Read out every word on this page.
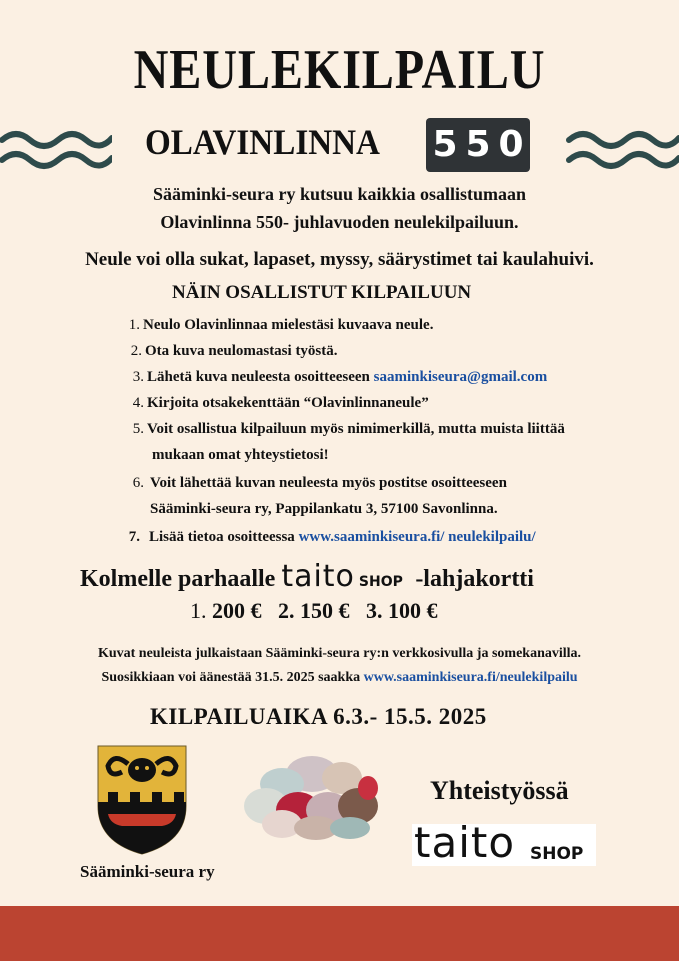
NEULEKILPAILU
OLAVINLINNA 5 5 0
Sääminki-seura ry kutsuu kaikkia osallistumaan
Olavinlinna 550- juhlavuoden neulekilpailuun.
Neule voi olla sukat, lapaset, myssy, säärystimet tai kaulahuivi.
NÄIN OSALLISTUT KILPAILUUN
1. Neulo Olavinlinnaa mielestäsi kuvaava neule.
2. Ota kuva neulomastasi työstä.
3. Lähetä kuva neuleesta osoitteeseen saaminkiseura@gmail.com
4. Kirjoita otsakekenttään “Olavinlinnaneule”
5. Voit osallistua kilpailuun myös nimimerkillä, mutta muista liittää
mukaan omat yhteystietosi!
6. Voit lähettää kuvan neuleesta myös postitse osoitteeseen
Sääminki-seura ry, Pappilankatu 3, 57100 Savonlinna.
7. Lisää tietoa osoitteessa www.saaminkiseura.fi/ neulekilpailu/
Kolmelle parhaalle taito SHOP -lahjakortti
1. 200 € 2. 150 € 3. 100 €
Kuvat neuleista julkaistaan Sääminki-seura ry:n verkkosivulla ja somekanavilla.
Suosikkiaan voi äänestää 31.5. 2025 saakka www.saaminkiseura.fi/neulekilpailu
KILPAILUAIKA 6.3.- 15.5. 2025
Sääminki-seura ry
Yhteistyössä
taito SHOP
